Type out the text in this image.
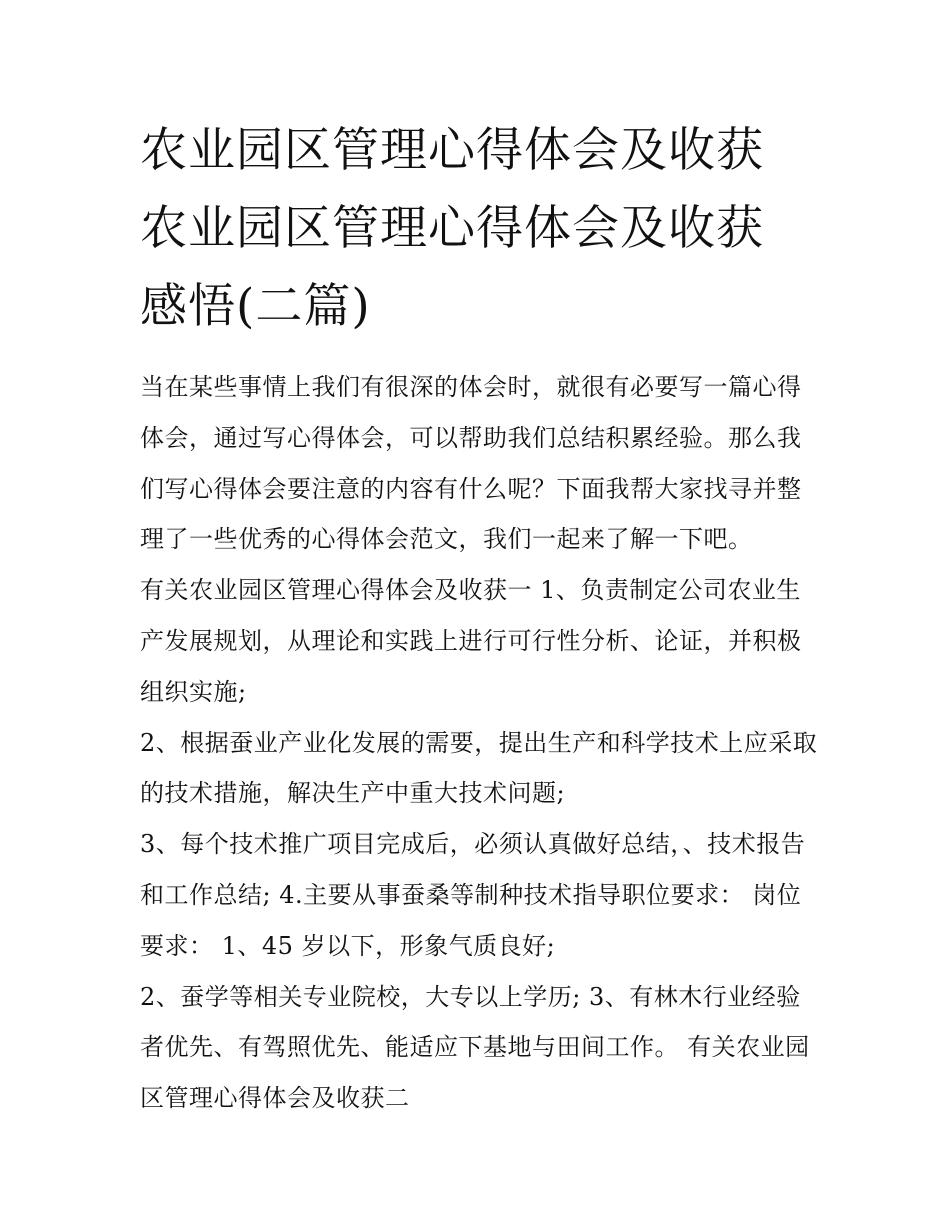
农业园区管理心得体会及收获
农业园区管理心得体会及收获
感悟(二篇)

当在某些事情上我们有很深的体会时，就很有必要写一篇心得体会，通过写心得体会，可以帮助我们总结积累经验。那么我们写心得体会要注意的内容有什么呢？下面我帮大家找寻并整理了一些优秀的心得体会范文，我们一起来了解一下吧。

有关农业园区管理心得体会及收获一 1、负责制定公司农业生产发展规划，从理论和实践上进行可行性分析、论证，并积极组织实施;

2、根据蚕业产业化发展的需要，提出生产和科学技术上应采取的技术措施，解决生产中重大技术问题;

3、每个技术推广项目完成后，必须认真做好总结，、技术报告和工作总结; 4.主要从事蚕桑等制种技术指导职位要求： 岗位要求： 1、45 岁以下，形象气质良好;

2、蚕学等相关专业院校，大专以上学历; 3、有林木行业经验者优先、有驾照优先、能适应下基地与田间工作。 有关农业园区管理心得体会及收获二
